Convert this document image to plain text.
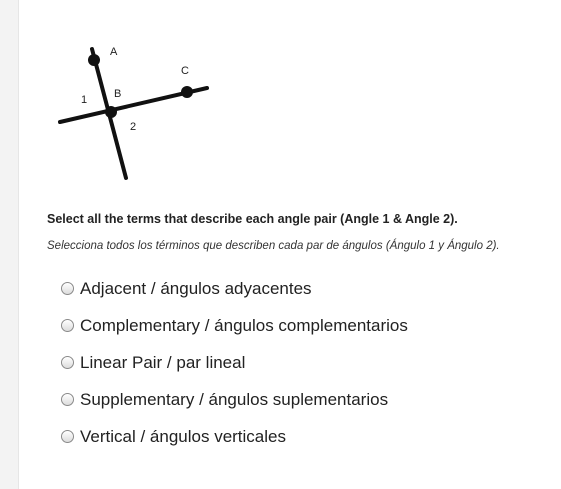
A
B
C
1
2
Select all the terms that describe each angle pair (Angle 1 & Angle 2).
Selecciona todos los términos que describen cada par de ángulos (Ángulo 1 y Ángulo 2).
Adjacent / ángulos adyacentes
Complementary / ángulos complementarios
Linear Pair / par lineal
Supplementary / ángulos suplementarios
Vertical / ángulos verticales
